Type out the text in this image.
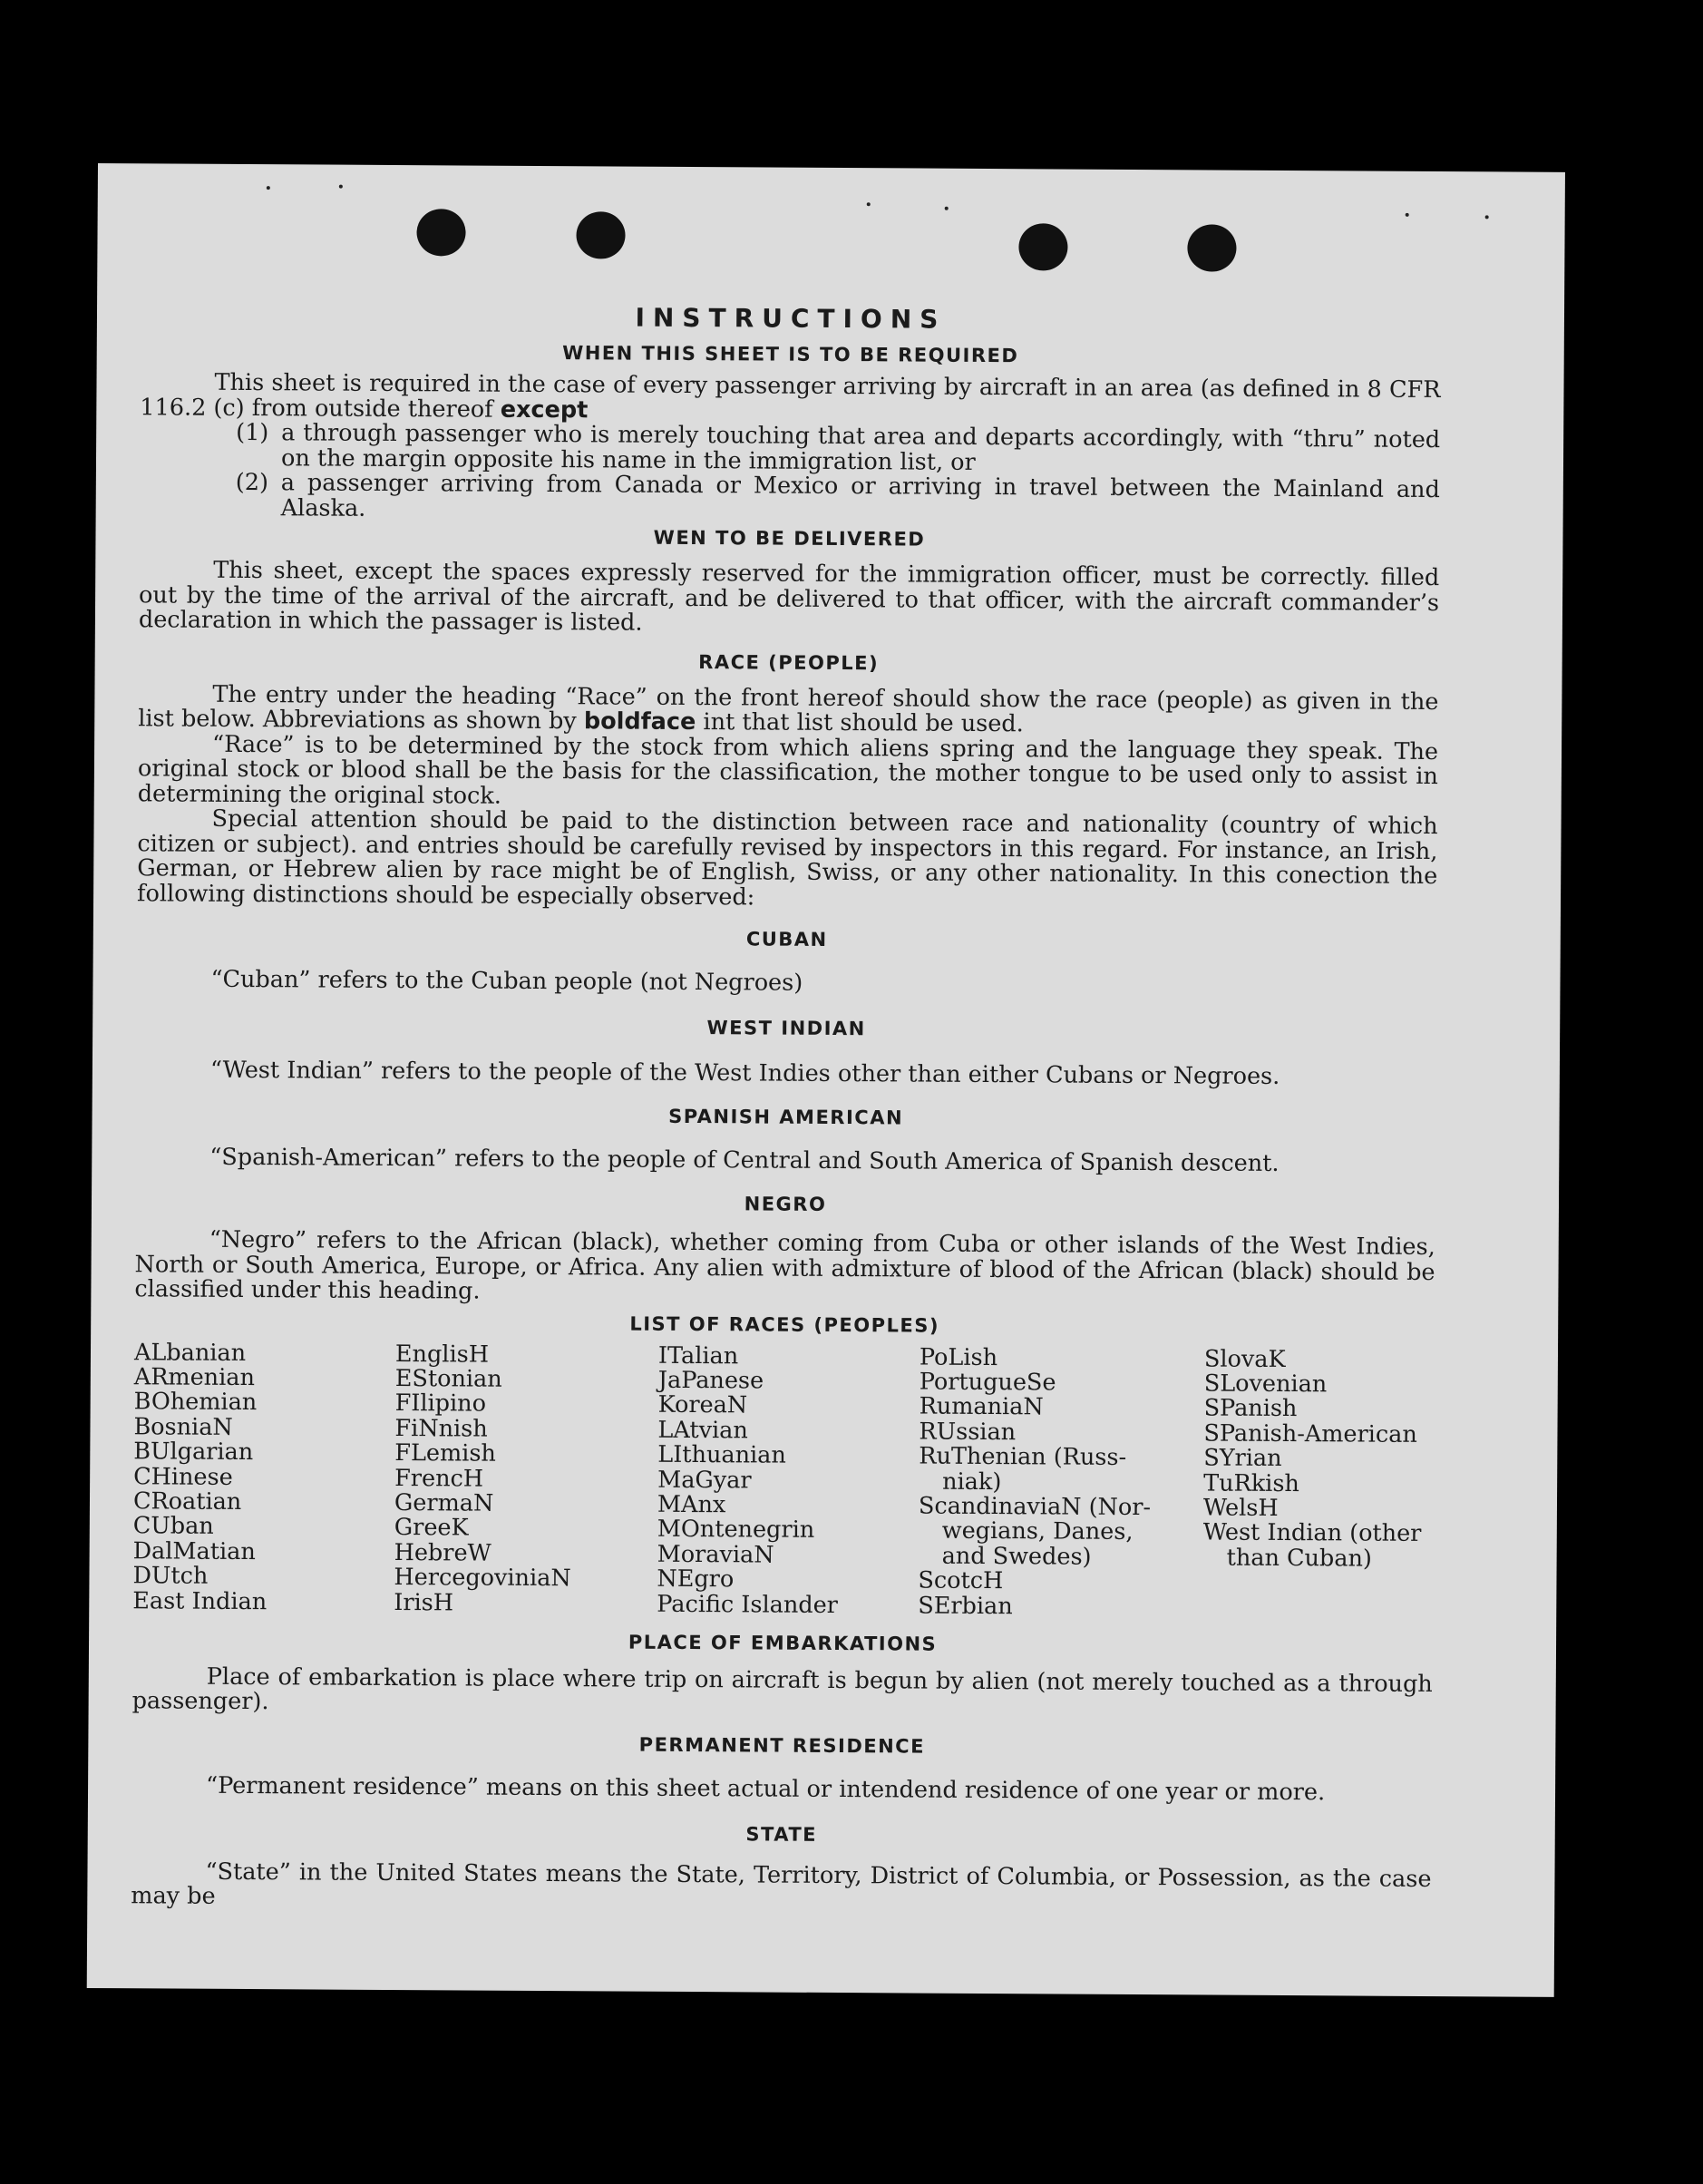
INSTRUCTIONS
WHEN THIS SHEET IS TO BE REQUIRED

This sheet is required in the case of every passenger arriving by aircraft in an area (as defined in 8 CFR 116.2 (c) from outside thereof except

(1) a through passenger who is merely touching that area and departs accordingly, with “thru” noted on the margin opposite his name in the immigration list, or
(2) a passenger arriving from Canada or Mexico or arriving in travel between the Mainland and Alaska.
WEN TO BE DELIVERED

This sheet, except the spaces expressly reserved for the immigration officer, must be correctly. filled out by the time of the arrival of the aircraft, and be delivered to that officer, with the aircraft commander’s declaration in which the passager is listed.

RACE (PEOPLE)

The entry under the heading “Race” on the front hereof should show the race (people) as given in the list below. Abbreviations as shown by boldface int that list should be used.

“Race” is to be determined by the stock from which aliens spring and the language they speak. The original stock or blood shall be the basis for the classification, the mother tongue to be used only to assist in determining the original stock.

Special attention should be paid to the distinction between race and nationality (country of which citizen or subject). and entries should be carefully revised by inspectors in this regard. For instance, an Irish, German, or Hebrew alien by race might be of English, Swiss, or any other nationality. In this conection the following distinctions should be especially observed:

CUBAN

“Cuban” refers to the Cuban people (not Negroes)

WEST INDIAN

“West Indian” refers to the people of the West Indies other than either Cubans or Negroes.

SPANISH AMERICAN

“Spanish-American” refers to the people of Central and South America of Spanish descent.

NEGRO

“Negro” refers to the African (black), whether coming from Cuba or other islands of the West Indies, North or South America, Europe, or Africa. Any alien with admixture of blood of the African (black) should be classified under this heading.

LIST OF RACES (PEOPLES)
ALbanian
ARmenian
BOhemian
BosniaN
BUlgarian
CHinese
CRoatian
CUban
DalMatian
DUtch
East Indian
EnglisH
EStonian
FIlipino
FiNnish
FLemish
FrencH
GermaN
GreeK
HebreW
HercegoviniaN
IrisH
ITalian
JaPanese
KoreaN
LAtvian
LIthuanian
MaGyar
MAnx
MOntenegrin
MoraviaN
NEgro
Pacific Islander
PoLish
PortugueSe
RumaniaN
RUssian
RuThenian (Russ-
niak)
ScandinaviaN (Nor-
wegians, Danes,
and Swedes)
ScotcH
SErbian
SlovaK
SLovenian
SPanish
SPanish-American
SYrian
TuRkish
WelsH
West Indian (other
than Cuban)
PLACE OF EMBARKATIONS

Place of embarkation is place where trip on aircraft is begun by alien (not merely touched as a through passenger).

PERMANENT RESIDENCE

“Permanent residence” means on this sheet actual or intendend residence of one year or more.

STATE

“State” in the United States means the State, Territory, District of Columbia, or Possession, as the case may be
